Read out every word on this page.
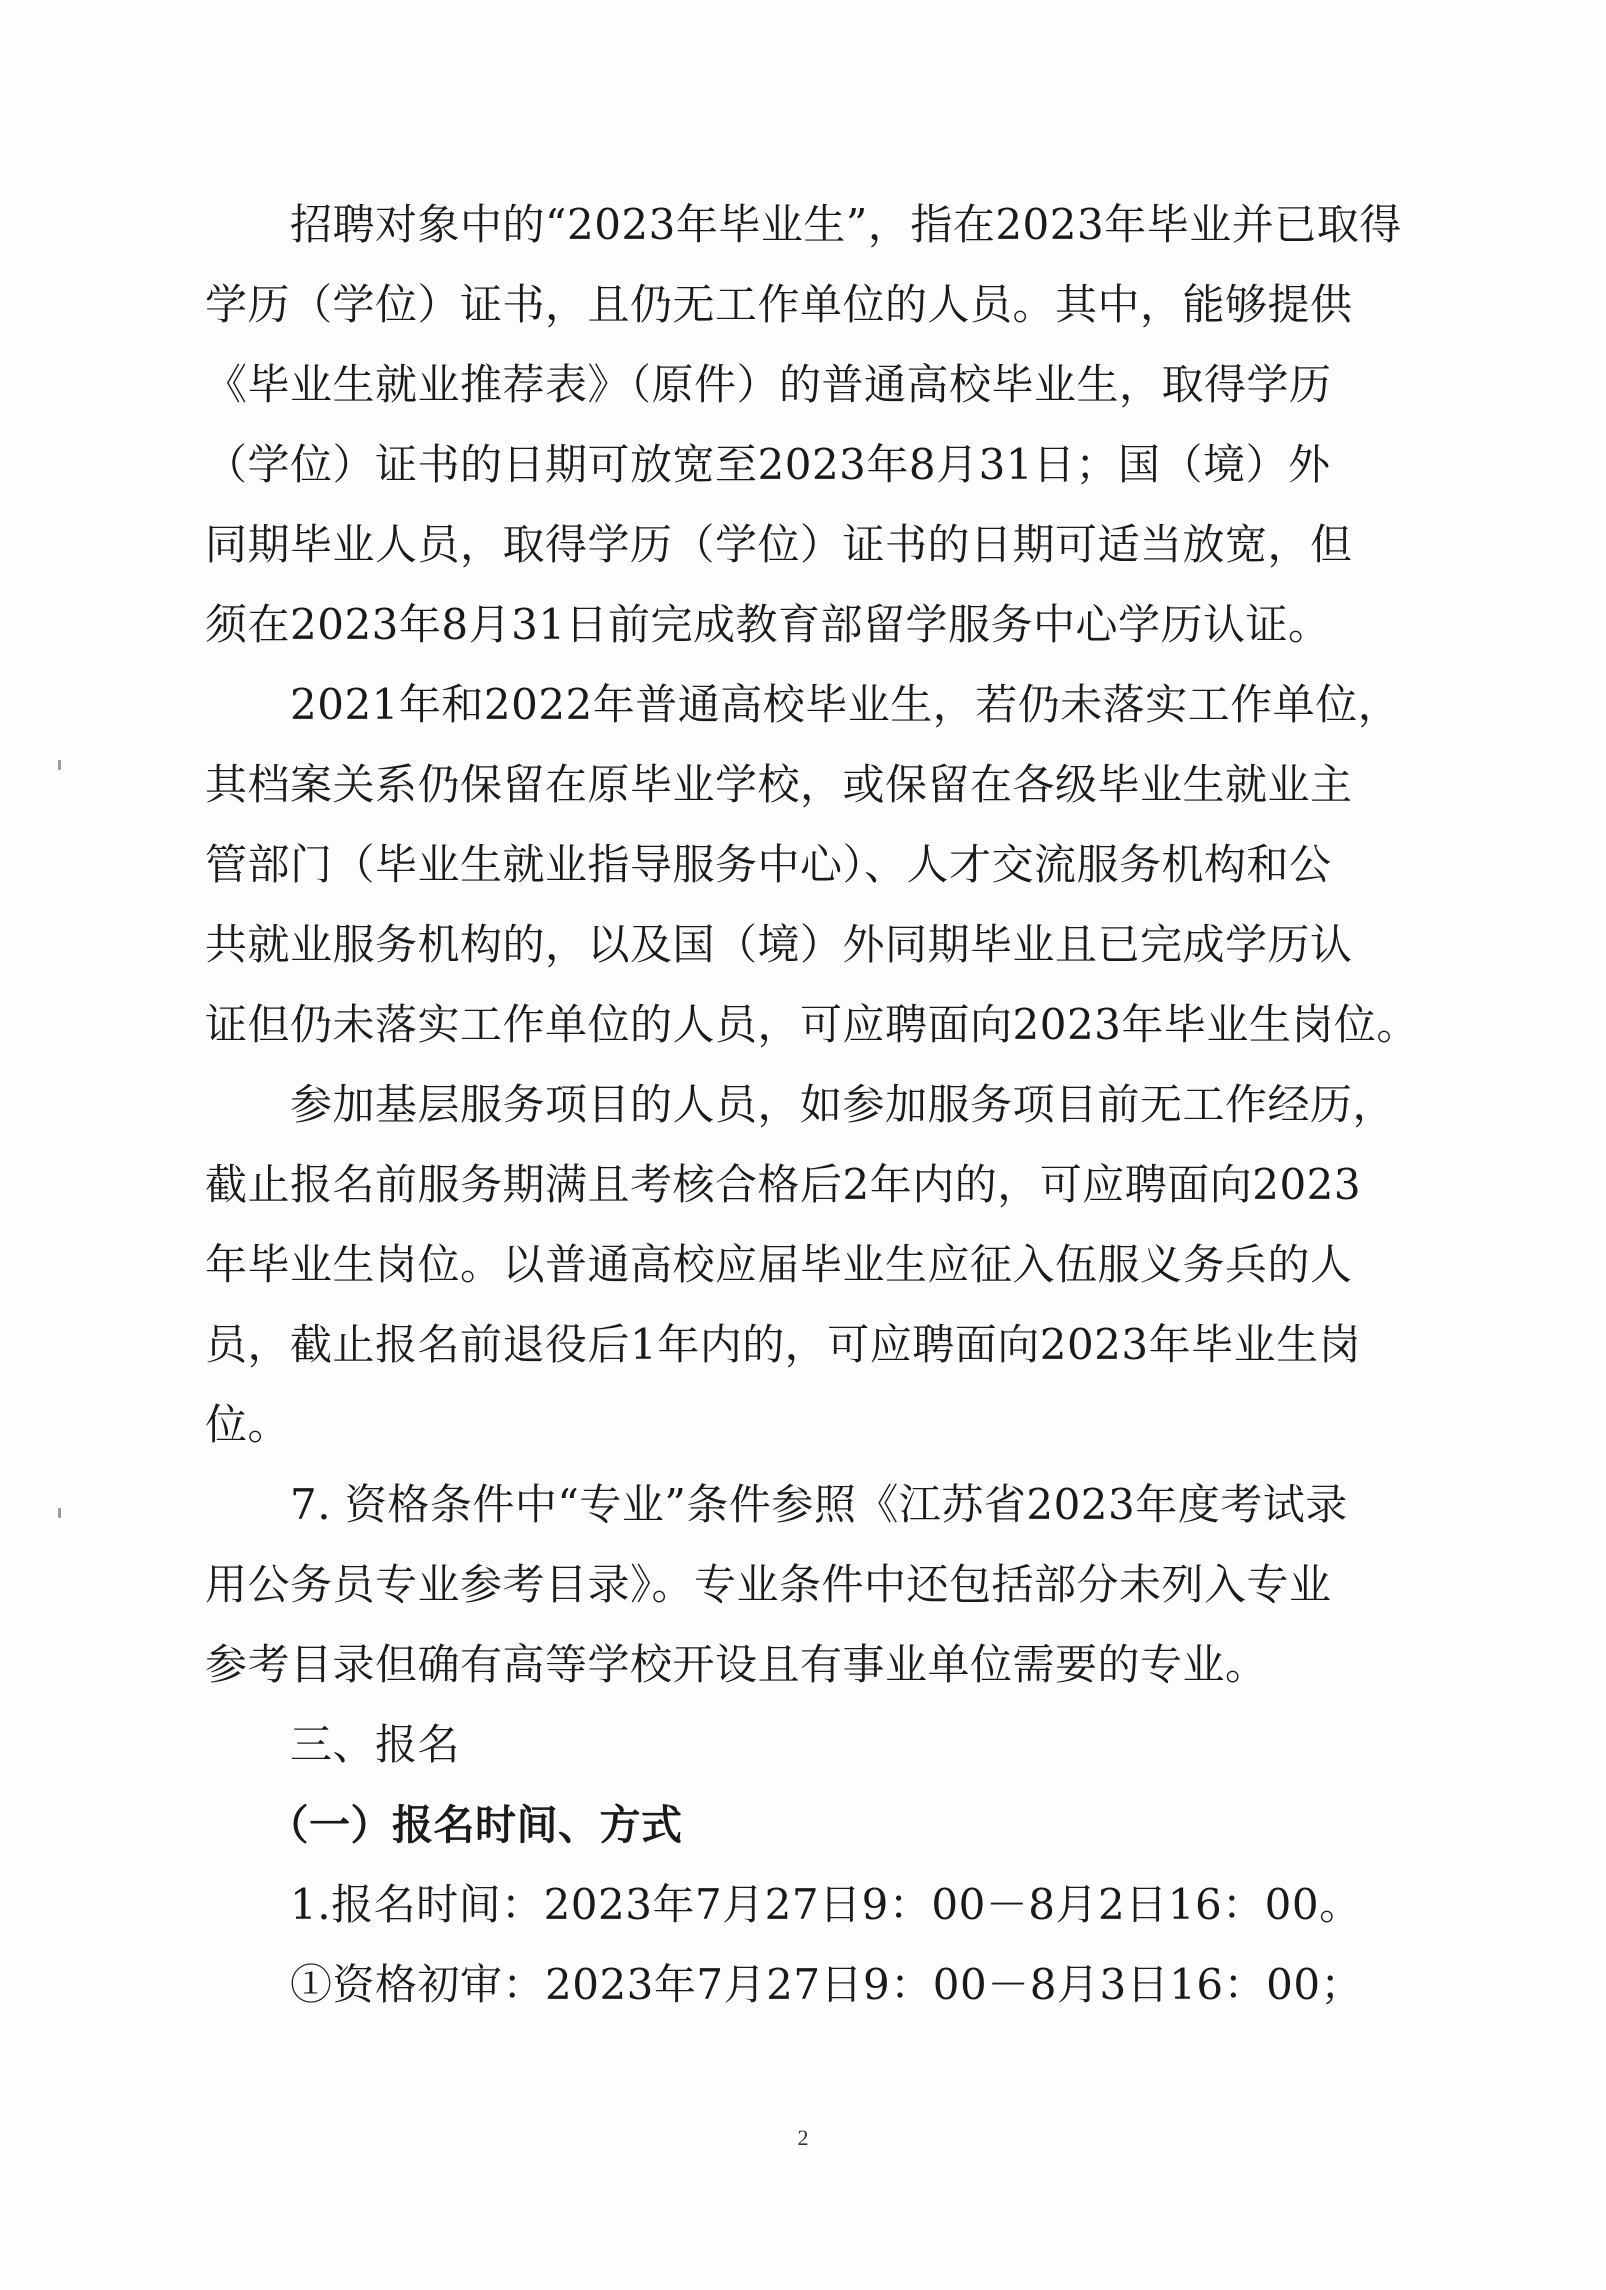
　　招聘对象中的“2023年毕业生”，指在2023年毕业并已取得
学历（学位）证书，且仍无工作单位的人员。其中，能够提供
《毕业生就业推荐表》（原件）的普通高校毕业生，取得学历
（学位）证书的日期可放宽至2023年8月31日；国（境）外
同期毕业人员，取得学历（学位）证书的日期可适当放宽，但
须在2023年8月31日前完成教育部留学服务中心学历认证。
　　2021年和2022年普通高校毕业生，若仍未落实工作单位，
其档案关系仍保留在原毕业学校，或保留在各级毕业生就业主
管部门（毕业生就业指导服务中心）、人才交流服务机构和公
共就业服务机构的，以及国（境）外同期毕业且已完成学历认
证但仍未落实工作单位的人员，可应聘面向2023年毕业生岗位。
　　参加基层服务项目的人员，如参加服务项目前无工作经历，
截止报名前服务期满且考核合格后2年内的，可应聘面向2023
年毕业生岗位。以普通高校应届毕业生应征入伍服义务兵的人
员，截止报名前退役后1年内的，可应聘面向2023年毕业生岗
位。
　　7. 资格条件中“专业”条件参照《江苏省2023年度考试录
用公务员专业参考目录》。专业条件中还包括部分未列入专业
参考目录但确有高等学校开设且有事业单位需要的专业。
　　三、报名
　　（一）报名时间、方式
　　1.报名时间：2023年7月27日9：00－8月2日16：00。
　　①资格初审：2023年7月27日9：00－8月3日16：00；
2
